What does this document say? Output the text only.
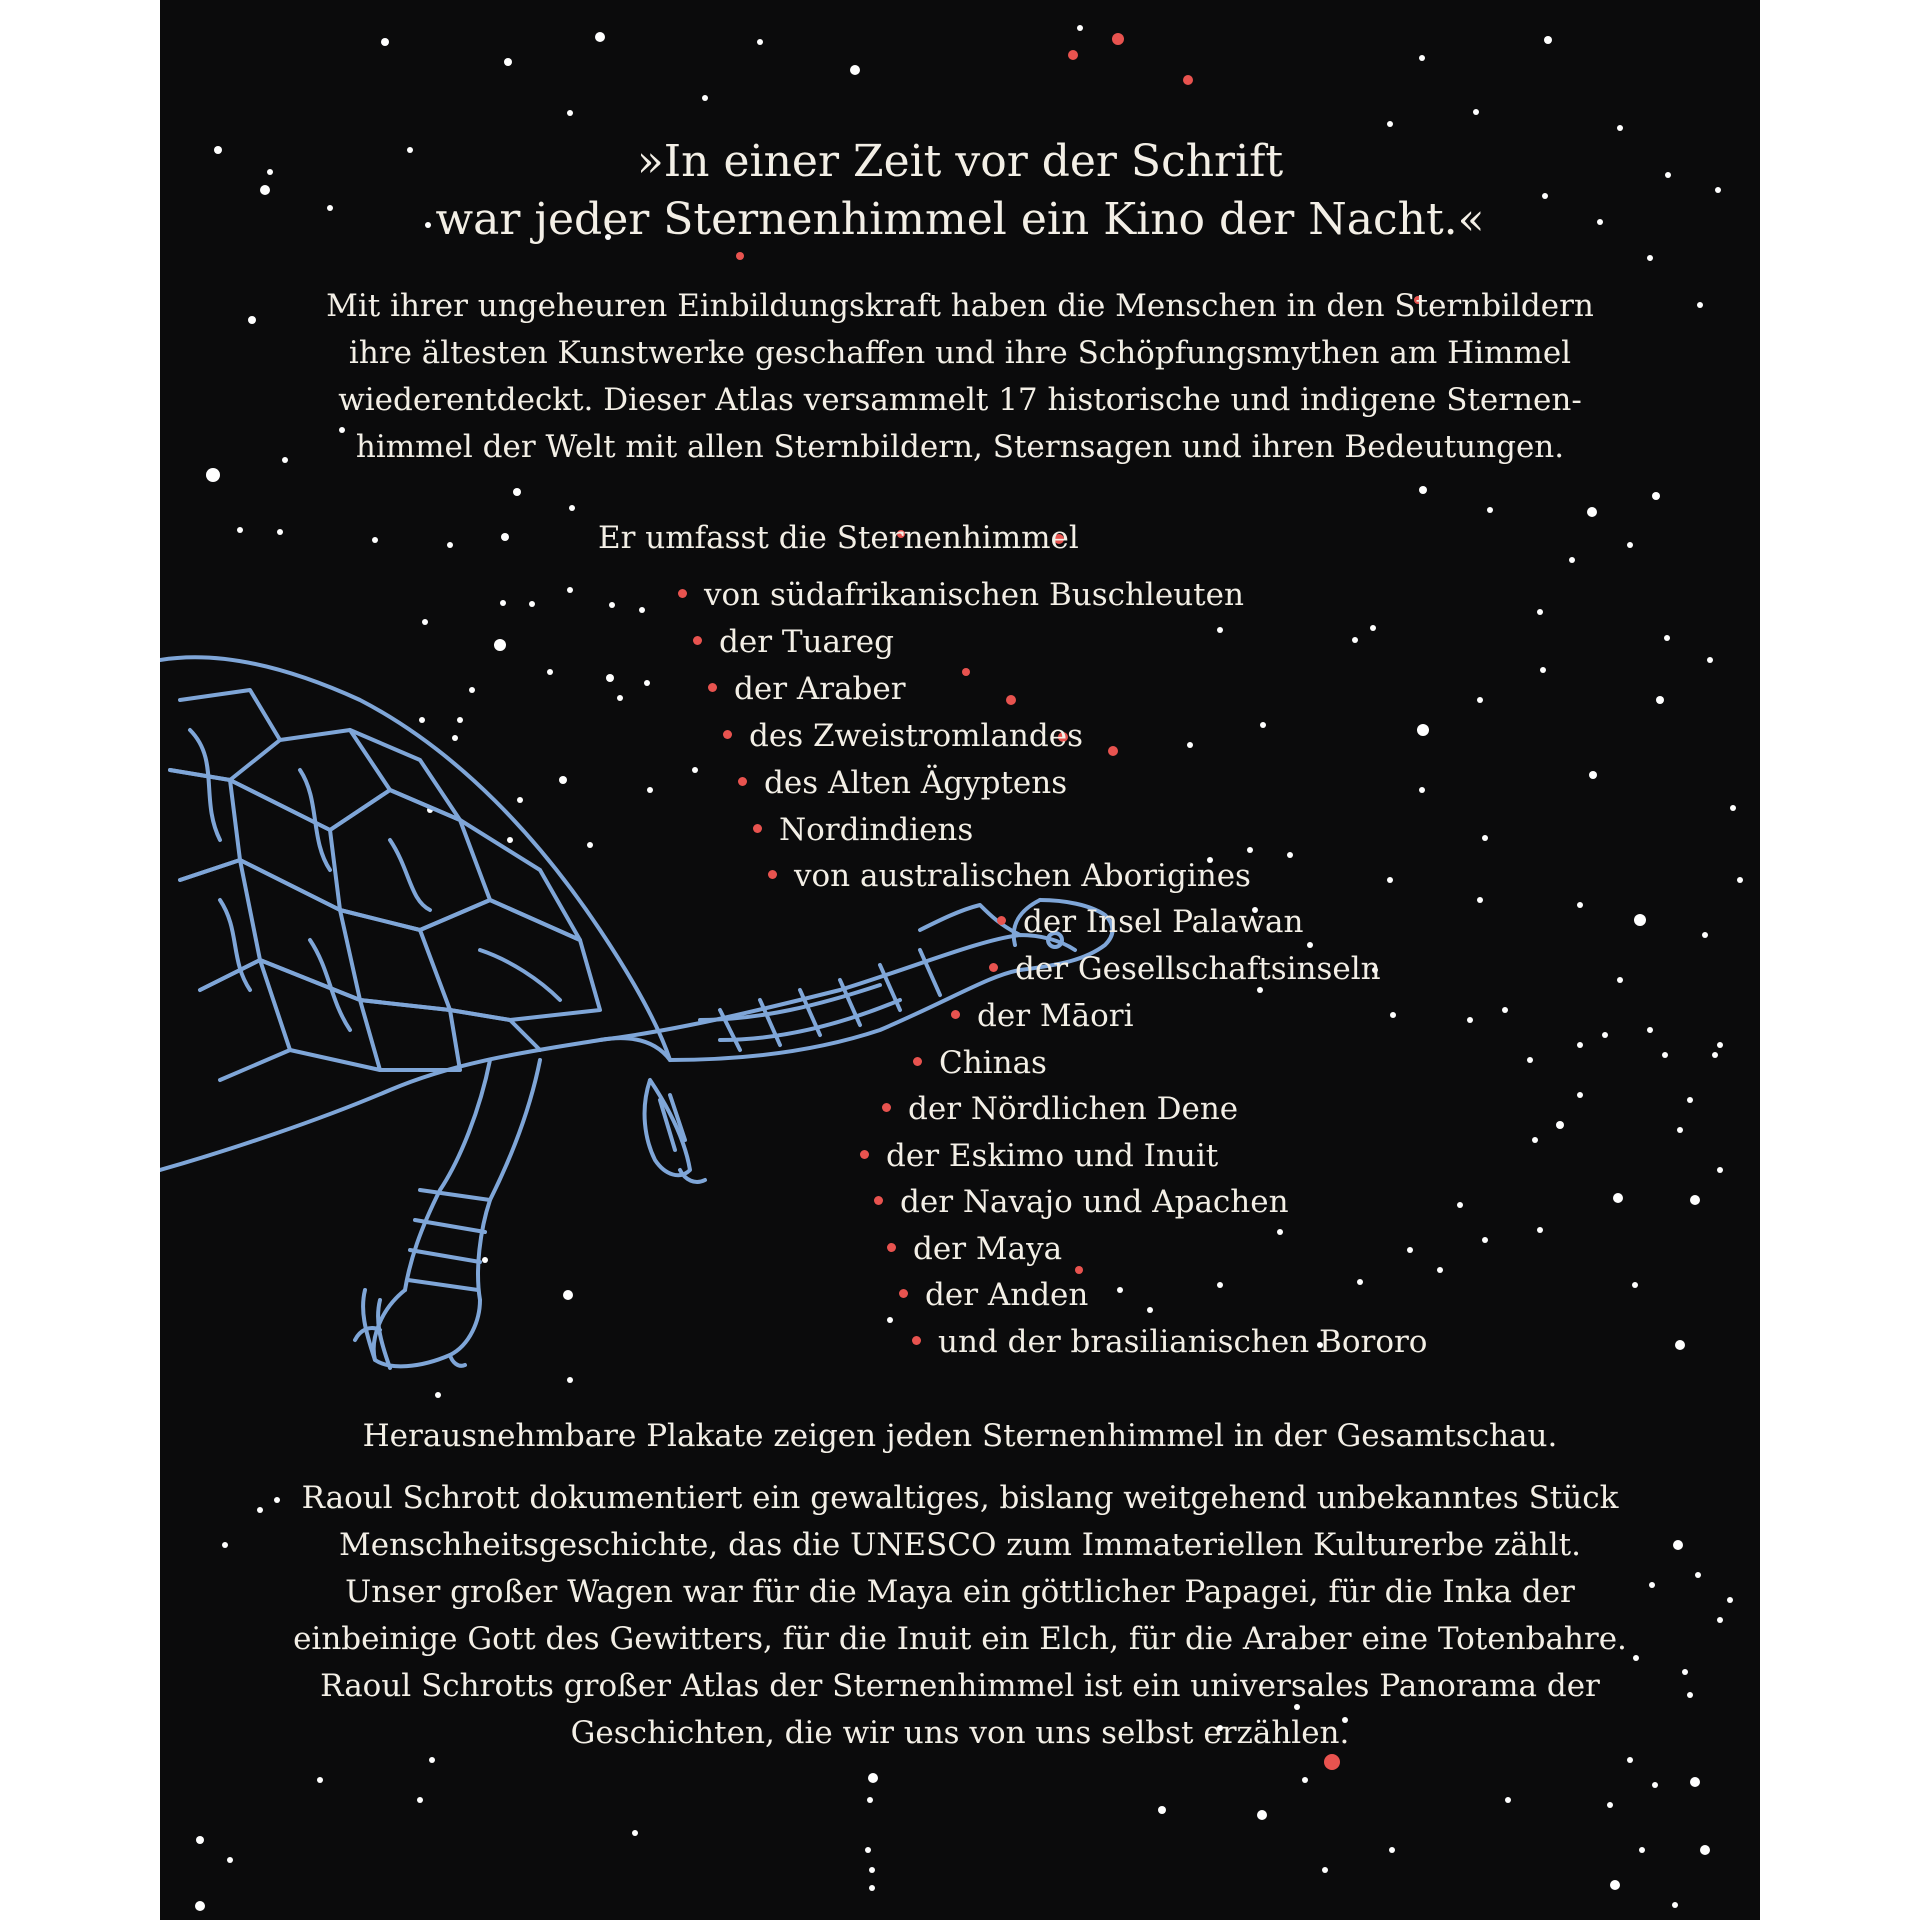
»In einer Zeit vor der Schrift
war jeder Sternenhimmel ein Kino der Nacht.«
Mit ihrer ungeheuren Einbildungskraft haben die Menschen in den Sternbildern
ihre ältesten Kunstwerke geschaffen und ihre Schöpfungsmythen am Himmel
wiederentdeckt. Dieser Atlas versammelt 17 historische und indigene Sternen-
himmel der Welt mit allen Sternbildern, Sternsagen und ihren Bedeutungen.
Er umfasst die Sternenhimmel
von südafrikanischen Buschleuten
der Tuareg
der Araber
des Zweistromlandes
des Alten Ägyptens
Nordindiens
von australischen Aborigines
der Insel Palawan
der Gesellschaftsinseln
der Māori
Chinas
der Nördlichen Dene
der Eskimo und Inuit
der Navajo und Apachen
der Maya
der Anden
und der brasilianischen Bororo
Herausnehmbare Plakate zeigen jeden Sternenhimmel in der Gesamtschau.
Raoul Schrott dokumentiert ein gewaltiges, bislang weitgehend unbekanntes Stück
Menschheitsgeschichte, das die UNESCO zum Immateriellen Kulturerbe zählt.
Unser großer Wagen war für die Maya ein göttlicher Papagei, für die Inka der
einbeinige Gott des Gewitters, für die Inuit ein Elch, für die Araber eine Totenbahre.
Raoul Schrotts großer Atlas der Sternenhimmel ist ein universales Panorama der
Geschichten, die wir uns von uns selbst erzählen.
